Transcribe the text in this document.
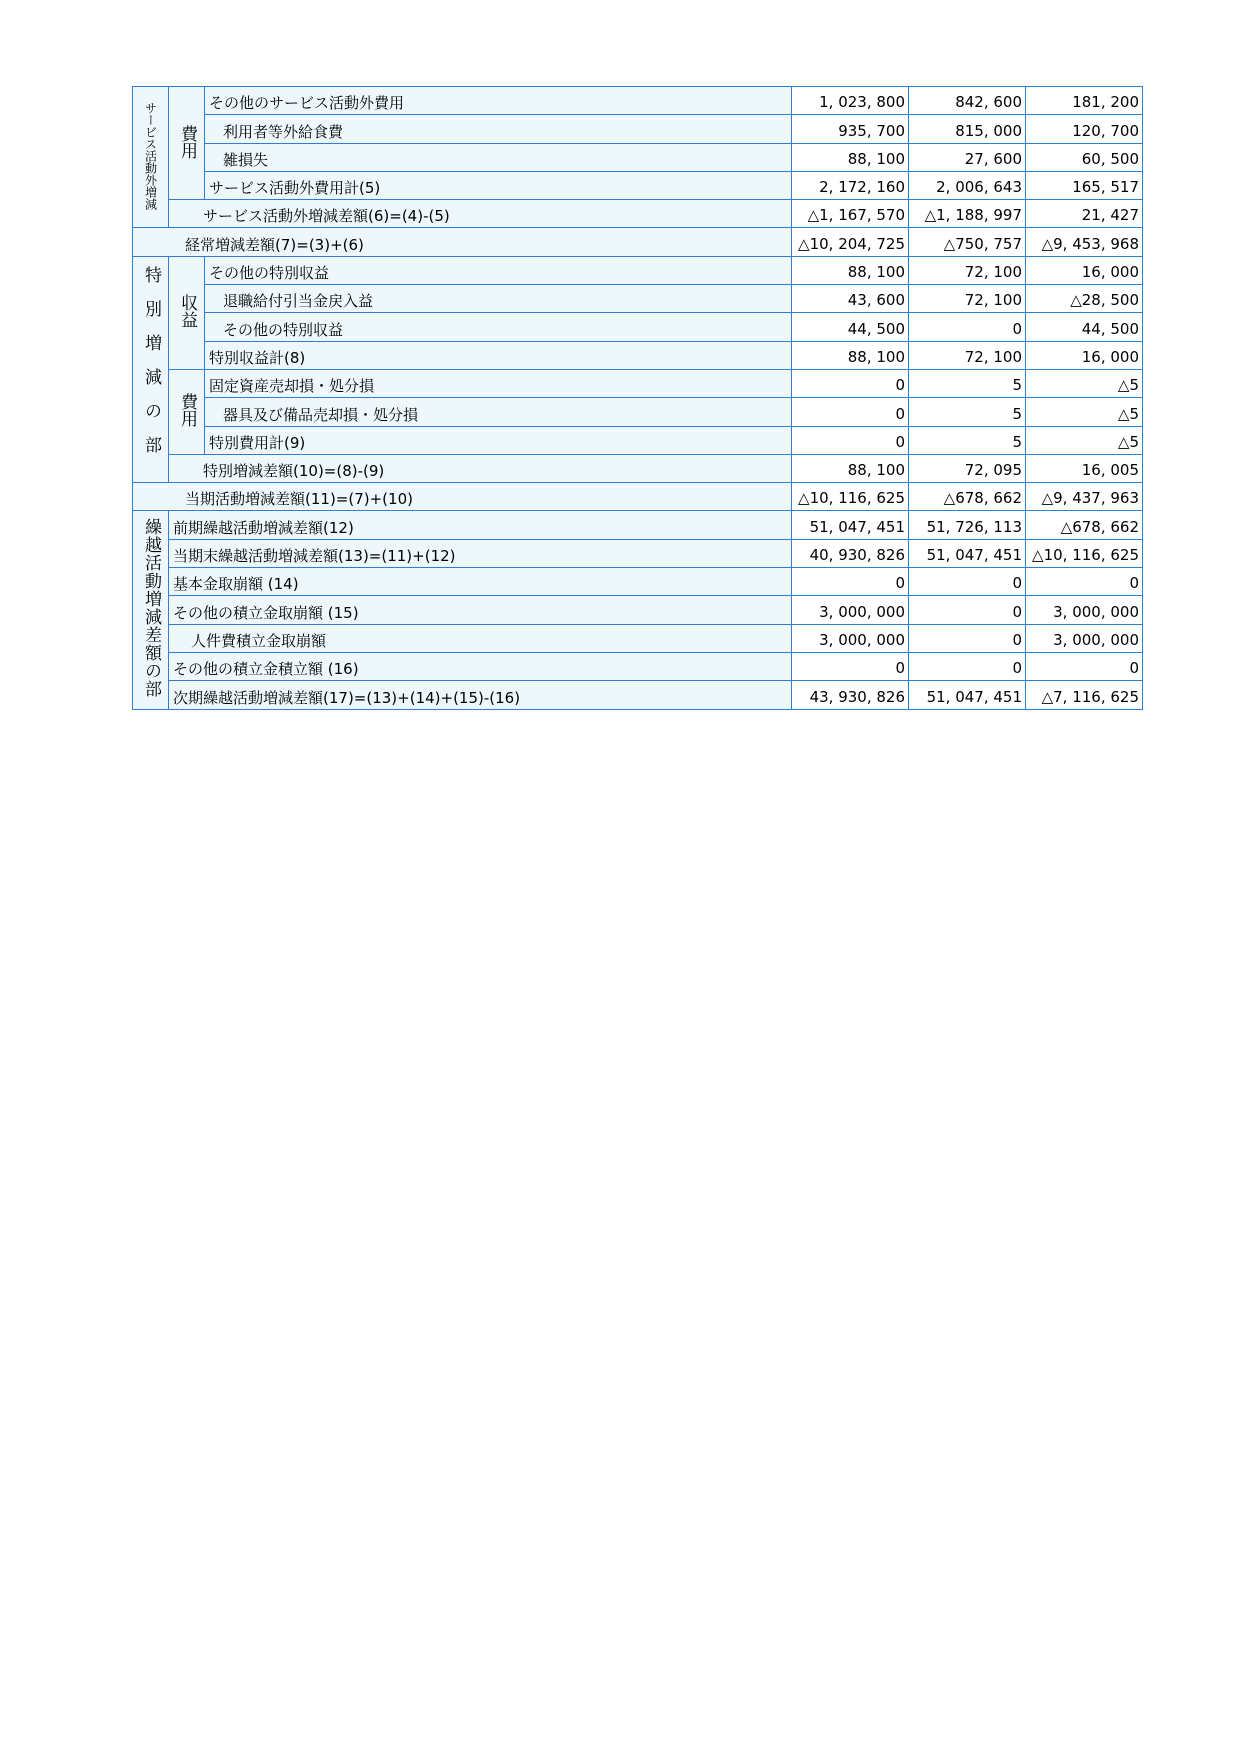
サービス活動外増減	費用	その他のサービス活動外費用	1, 023, 800	842, 600	181, 200
		利用者等外給食費	935, 700	815, 000	120, 700
		雑損失	88, 100	27, 600	60, 500
		サービス活動外費用計(5)	2, 172, 160	2, 006, 643	165, 517
	サービス活動外増減差額(6)=(4)-(5)		△1, 167, 570	△1, 188, 997	21, 427
経常増減差額(7)=(3)+(6)			△10, 204, 725	△750, 757	△9, 453, 968
特別増減の部	収益	その他の特別収益	88, 100	72, 100	16, 000
		退職給付引当金戻入益	43, 600	72, 100	△28, 500
		その他の特別収益	44, 500	0	44, 500
		特別収益計(8)	88, 100	72, 100	16, 000
	費用	固定資産売却損・処分損	0	5	△5
		器具及び備品売却損・処分損	0	5	△5
		特別費用計(9)	0	5	△5
	特別増減差額(10)=(8)-(9)		88, 100	72, 095	16, 005
当期活動増減差額(11)=(7)+(10)			△10, 116, 625	△678, 662	△9, 437, 963
繰越活動増減差額の部	前期繰越活動増減差額(12)		51, 047, 451	51, 726, 113	△678, 662
	当期末繰越活動増減差額(13)=(11)+(12)		40, 930, 826	51, 047, 451	△10, 116, 625
	基本金取崩額 (14)		0	0	0
	その他の積立金取崩額 (15)		3, 000, 000	0	3, 000, 000
	人件費積立金取崩額		3, 000, 000	0	3, 000, 000
	その他の積立金積立額 (16)		0	0	0
	次期繰越活動増減差額(17)=(13)+(14)+(15)-(16)		43, 930, 826	51, 047, 451	△7, 116, 625
